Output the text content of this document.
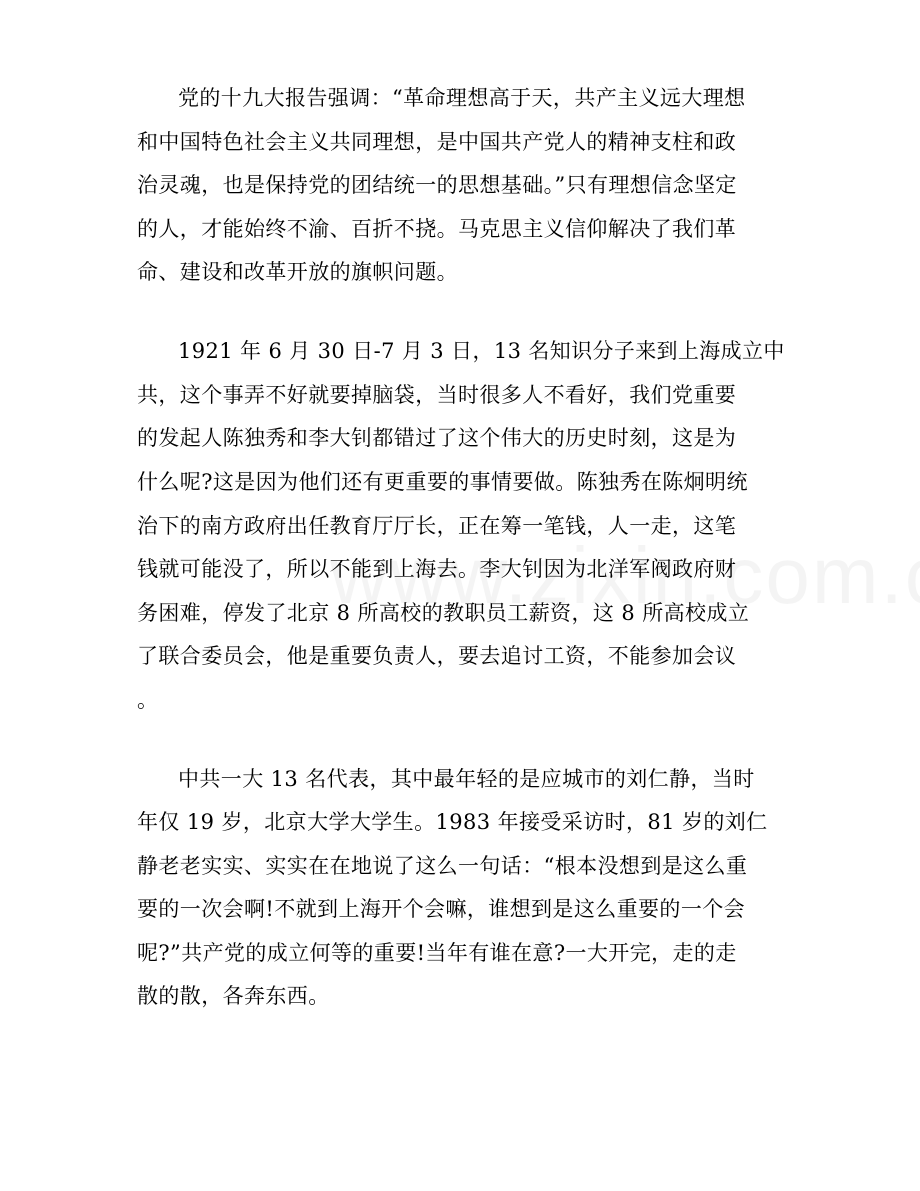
党的十九大报告强调：“革命理想高于天，共产主义远大理想
和中国特色社会主义共同理想，是中国共产党人的精神支柱和政
治灵魂，也是保持党的团结统一的思想基础。”只有理想信念坚定
的人，才能始终不渝、百折不挠。马克思主义信仰解决了我们革
命、建设和改革开放的旗帜问题。
1921 年 6 月 30 日-7 月 3 日，13 名知识分子来到上海成立中
共，这个事弄不好就要掉脑袋，当时很多人不看好，我们党重要
的发起人陈独秀和李大钊都错过了这个伟大的历史时刻，这是为
什么呢?这是因为他们还有更重要的事情要做。陈独秀在陈炯明统
治下的南方政府出任教育厅厅长，正在筹一笔钱，人一走，这笔
钱就可能没了，所以不能到上海去。李大钊因为北洋军阀政府财
务困难，停发了北京 8 所高校的教职员工薪资，这 8 所高校成立
了联合委员会，他是重要负责人，要去追讨工资，不能参加会议
。
中共一大 13 名代表，其中最年轻的是应城市的刘仁静，当时
年仅 19 岁，北京大学大学生。1983 年接受采访时，81 岁的刘仁
静老老实实、实实在在地说了这么一句话：“根本没想到是这么重
要的一次会啊!不就到上海开个会嘛，谁想到是这么重要的一个会
呢?”共产党的成立何等的重要!当年有谁在意?一大开完，走的走
散的散，各奔东西。
